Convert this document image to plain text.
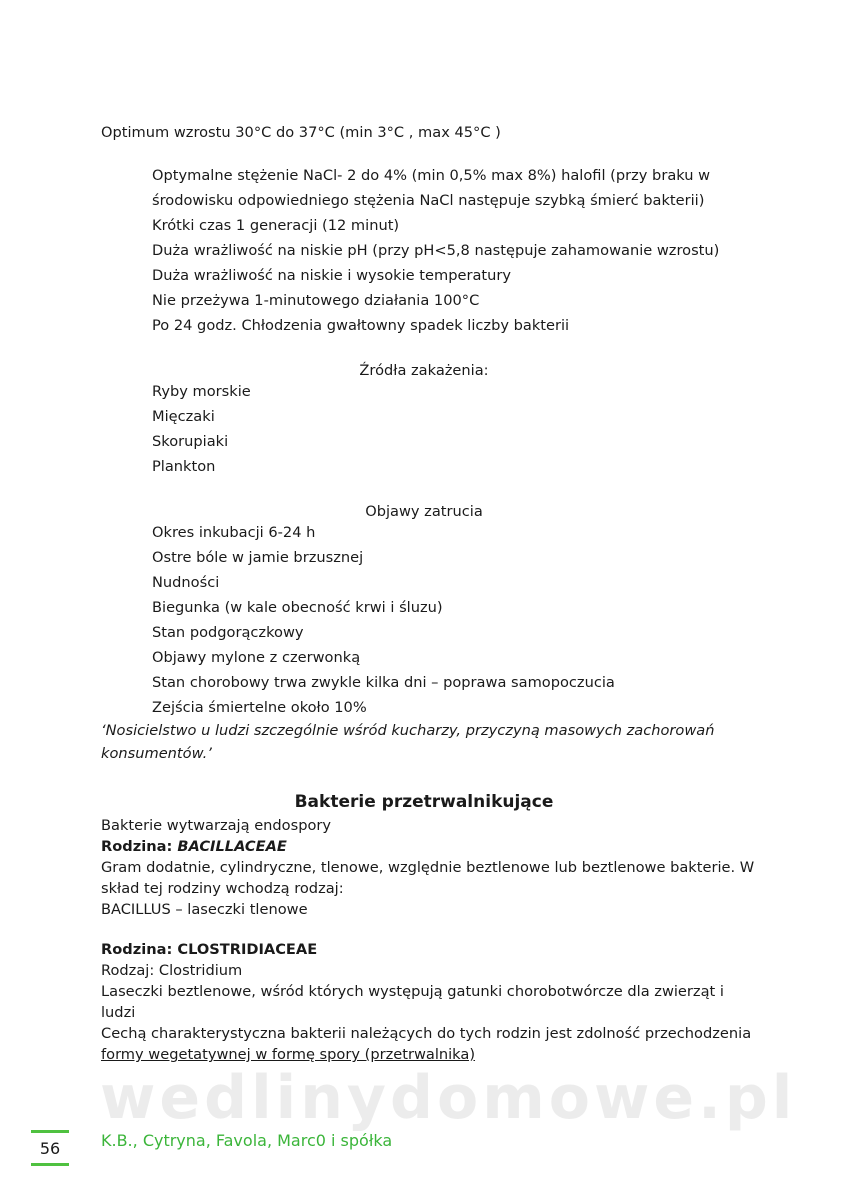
Optimum wzrostu 30°C do 37°C (min 3°C , max 45°C )
Optymalne stężenie NaCl- 2 do 4% (min 0,5% max 8%) halofil (przy braku w
środowisku odpowiedniego stężenia NaCl następuje szybką śmierć bakterii)
Krótki czas 1 generacji (12 minut)
Duża wrażliwość na niskie pH (przy pH<5,8 następuje zahamowanie wzrostu)
Duża wrażliwość na niskie i wysokie temperatury
Nie przeżywa 1-minutowego działania 100°C
Po 24 godz. Chłodzenia gwałtowny spadek liczby bakterii
Źródła zakażenia:
Ryby morskie
Mięczaki
Skorupiaki
Plankton
Objawy zatrucia
Okres inkubacji 6-24 h
Ostre bóle w jamie brzusznej
Nudności
Biegunka (w kale obecność krwi i śluzu)
Stan podgorączkowy
Objawy mylone z czerwonką
Stan chorobowy trwa zwykle kilka dni – poprawa samopoczucia
Zejścia śmiertelne około 10%
‘Nosicielstwo u ludzi szczególnie wśród kucharzy, przyczyną masowych zachorowań konsumentów.’
Bakterie przetrwalnikujące
Bakterie wytwarzają endospory
Rodzina: BACILLACEAE
Gram dodatnie, cylindryczne, tlenowe, względnie beztlenowe lub beztlenowe bakterie. W skład tej rodziny wchodzą rodzaj:
BACILLUS – laseczki tlenowe
Rodzina: CLOSTRIDIACEAE
Rodzaj: Clostridium
Laseczki beztlenowe, wśród których występują gatunki chorobotwórcze dla zwierząt i ludzi
Cechą charakterystyczna bakterii należących do tych rodzin jest zdolność przechodzenia
formy wegetatywnej w formę spory (przetrwalnika)
wedlinydomowe.pl
56	K.B., Cytryna, Favola, Marc0 i spółka
